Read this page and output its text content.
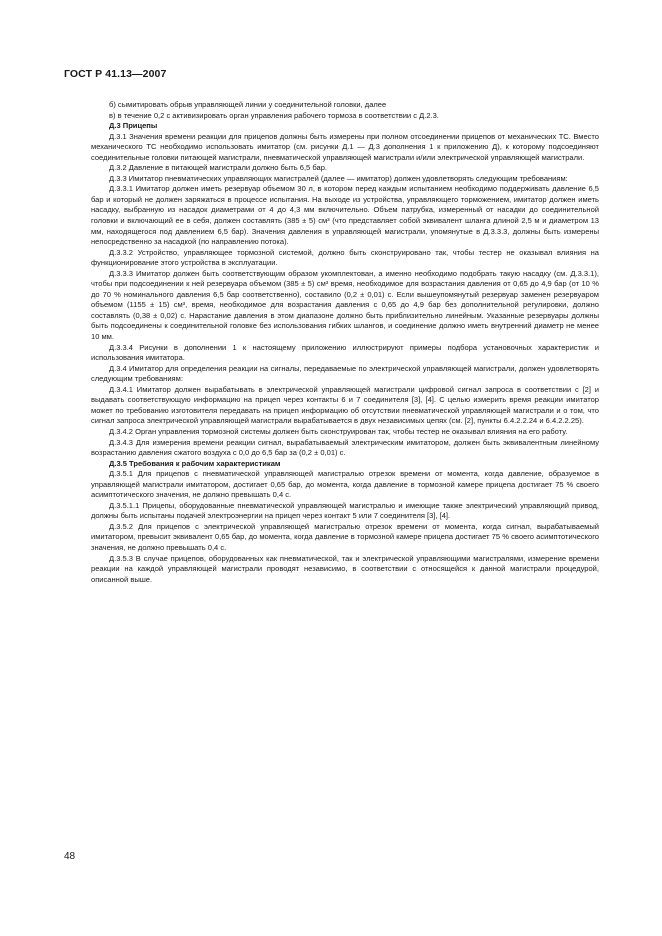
ГОСТ Р 41.13—2007

б) сымитировать обрыв управляющей линии у соединительной головки, далее

в) в течение 0,2 с активизировать орган управления рабочего тормоза в соответствии с Д.2.3.

Д.3 Прицепы

Д.3.1 Значения времени реакции для прицепов должны быть измерены при полном отсоединении прицепов от механических ТС. Вместо механического ТС необходимо использовать имитатор (см. рисунки Д.1 — Д.3 дополнения 1 к приложению Д), к которому подсоединяют соединительные головки питающей магистрали, пневматической управляющей магистрали и/или электрической управляющей магистрали.

Д.3.2 Давление в питающей магистрали должно быть 6,5 бар.

Д.3.3 Имитатор пневматических управляющих магистралей (далее — имитатор) должен удовлетворять следующим требованиям:

Д.3.3.1 Имитатор должен иметь резервуар объемом 30 л, в котором перед каждым испытанием необходимо поддерживать давление 6,5 бар и который не должен заряжаться в процессе испытания. На выходе из устройства, управляющего торможением, имитатор должен иметь насадку, выбранную из насадок диаметрами от 4 до 4,3 мм включительно. Объем патрубка, измеренный от насадки до соединительной головки и включающий ее в себя, должен составлять (385 ± 5) см³ (что представляет собой эквивалент шланга длиной 2,5 м и диаметром 13 мм, находящегося под давлением 6,5 бар). Значения давления в управляющей магистрали, упомянутые в Д.3.3.3, должны быть измерены непосредственно за насадкой (по направлению потока).

Д.3.3.2 Устройство, управляющее тормозной системой, должно быть сконструировано так, чтобы тестер не оказывал влияния на функционирование этого устройства в эксплуатации.

Д.3.3.3 Имитатор должен быть соответствующим образом укомплектован, а именно необходимо подобрать такую насадку (см. Д.3.3.1), чтобы при подсоединении к ней резервуара объемом (385 ± 5) см³ время, необходимое для возрастания давления от 0,65 до 4,9 бар (от 10 % до 70 % номинального давления 6,5 бар соответственно), составило (0,2 ± 0,01) с. Если вышеупомянутый резервуар заменен резервуаром объемом (1155 ± 15) см³, время, необходимое для возрастания давления с 0,65 до 4,9 бар без дополнительной регулировки, должно составлять (0,38 ± 0,02) с. Нарастание давления в этом диапазоне должно быть приблизительно линейным. Указанные резервуары должны быть подсоединены к соединительной головке без использования гибких шлангов, и соединение должно иметь внутренний диаметр не менее 10 мм.

Д.3.3.4 Рисунки в дополнении 1 к настоящему приложению иллюстрируют примеры подбора установочных характеристик и использования имитатора.

Д.3.4 Имитатор для определения реакции на сигналы, передаваемые по электрической управляющей магистрали, должен удовлетворять следующим требованиям:

Д.3.4.1 Имитатор должен вырабатывать в электрической управляющей магистрали цифровой сигнал запроса в соответствии с [2] и выдавать соответствующую информацию на прицеп через контакты 6 и 7 соединителя [3], [4]. С целью измерить время реакции имитатор может по требованию изготовителя передавать на прицеп информацию об отсутствии пневматической управляющей магистрали и о том, что сигнал запроса электрической управляющей магистрали вырабатывается в двух независимых цепях (см. [2], пункты 6.4.2.2.24 и 6.4.2.2.25).

Д.3.4.2 Орган управления тормозной системы должен быть сконструирован так, чтобы тестер не оказывал влияния на его работу.

Д.3.4.3 Для измерения времени реакции сигнал, вырабатываемый электрическим имитатором, должен быть эквивалентным линейному возрастанию давления сжатого воздуха с 0,0 до 6,5 бар за (0,2 ± 0,01) с.

Д.3.5 Требования к рабочим характеристикам

Д.3.5.1 Для прицепов с пневматической управляющей магистралью отрезок времени от момента, когда давление, образуемое в управляющей магистрали имитатором, достигает 0,65 бар, до момента, когда давление в тормозной камере прицепа достигает 75 % своего асимптотического значения, не должно превышать 0,4 с.

Д.3.5.1.1 Прицепы, оборудованные пневматической управляющей магистралью и имеющие также электрический управляющий привод, должны быть испытаны подачей электроэнергии на прицеп через контакт 5 или 7 соединителя [3], [4].

Д.3.5.2 Для прицепов с электрической управляющей магистралью отрезок времени от момента, когда сигнал, вырабатываемый имитатором, превысит эквивалент 0,65 бар, до момента, когда давление в тормозной камере прицепа достигает 75 % своего асимптотического значения, не должно превышать 0,4 с.

Д.3.5.3 В случае прицепов, оборудованных как пневматической, так и электрической управляющими магистралями, измерение времени реакции на каждой управляющей магистрали проводят независимо, в соответствии с относящейся к данной магистрали процедурой, описанной выше.

48
